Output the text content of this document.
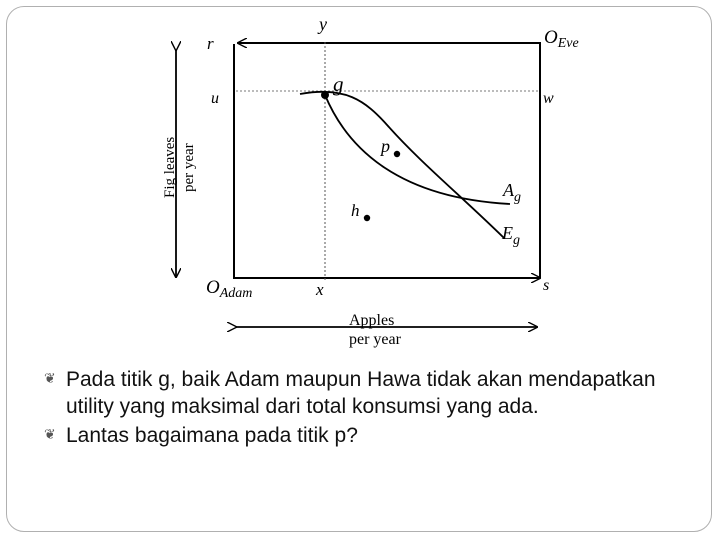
y
r	$O_{Eve}$
g
u	w
p
h
$A_g$
$E_g$
$O_{Adam}$	x	s
Fig leaves per year
Apples
per year
❦ Pada titik g, baik Adam maupun Hawa tidak akan mendapatkan utility yang maksimal dari total konsumsi yang ada.
❦ Lantas bagaimana pada titik p?
